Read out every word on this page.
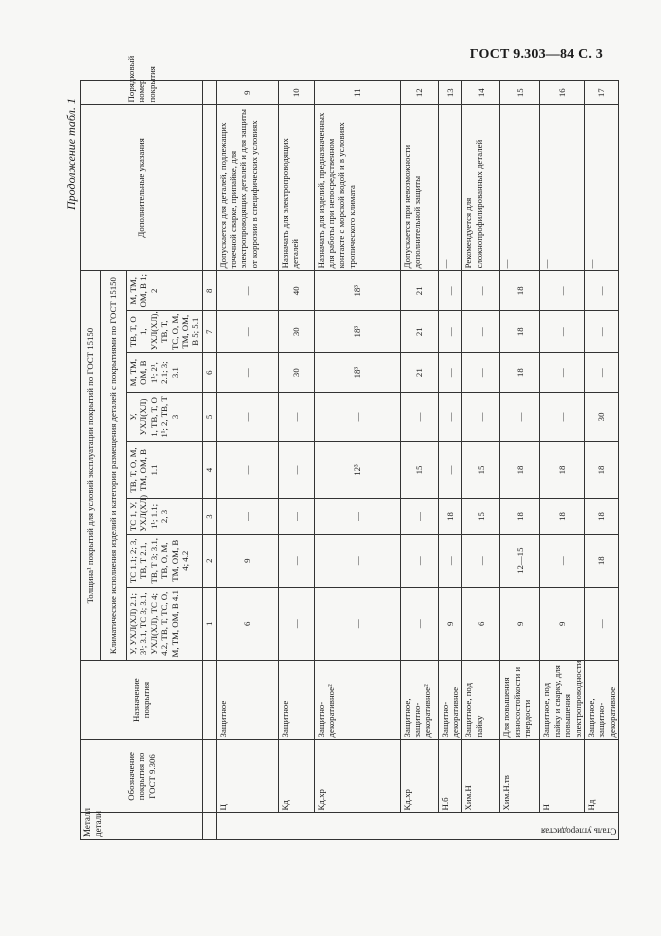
ГОСТ 9.303—84 С. 3
Продолжение табл. 1
Металл детали	Обозначение покрытия по ГОСТ 9.306	Назначение покрытия	Толщина¹ покрытий для условий эксплуатации покрытий по ГОСТ 15150								Дополнительные указания	Порядковый номер покрытия
			Климатические исполнения изделий и категории размещения деталей с покрытиями по ГОСТ 15150									
			У, УХЛ(ХЛ) 2.1; 3¹; 3.1, ТС 3; 3.1, УХЛ(ХЛ), ТС 4; 4.2, ТВ, Т, ТС, О, М, ТМ, ОМ, В 4.1	ТС 1.1; 2; 3, ТВ, Т 2.1, ТВ, Т 3; 3.1, ТВ, О, М, ТМ, ОМ, В 4; 4.2	ТС 1, У, УХЛ(ХЛ) 1¹; 1.1; 2, 3	ТВ, Т, О, М, ТМ, ОМ, В 1.1	У, УХЛ(ХЛ) 1, ТВ, Т, О 1¹; 2, ТВ, Т 3	М, ТМ, ОМ, В 1¹; 2¹, 2.1; 3; 3.1	ТВ, Т, О 1, УХЛ(ХЛ), ТВ, Т, ТС, О, М, ТМ, ОМ, В 5; 5.1	М, ТМ, ОМ, В 1; 2		
			1	2	3	4	5	6	7	8		
Сталь углеродистая	Ц	Защитное	6	9	—	—	—	—	—	—	Допускается для деталей, подлежащих точечной сварке, припайке, для электропроводящих деталей и для защиты от коррозии в специфических условиях	9
	Кд	Защитное	—	—	—	—	—	30	30	40	Назначать для электропроводящих деталей	10
	Кд.хр	Защитно-декоративное²	—	—	—	12³	—	18³	18³	18³	Назначать для изделий, предназначенных для работы при непосредственном контакте с морской водой и в условиях тропического климата	11
	Кд.хр	Защитное, защитно-декоративное²	—	—	—	15	—	21	21	21	Допускается при невозможности дополнительной защиты	12
	Н.б	Защитно-декоративное	9	—	18	—	—	—	—	—	—	13
	Хим.Н	Защитное, под пайку	6	—	15	15	—	—	—	—	Рекомендуется для сложнопрофилированных деталей	14
	Хим.Н.тв	Для повышения износостойкости и твердости	9	12—15	18	18	—	18	18	18	—	15
	Н	Защитное, под пайку и сварку, для повышения электропроводности	9	—	18	18	—	—	—	—	—	16
	Нд	Защитное, защитно-декоративное	—	18	18	18	30	—	—	—	—	17
